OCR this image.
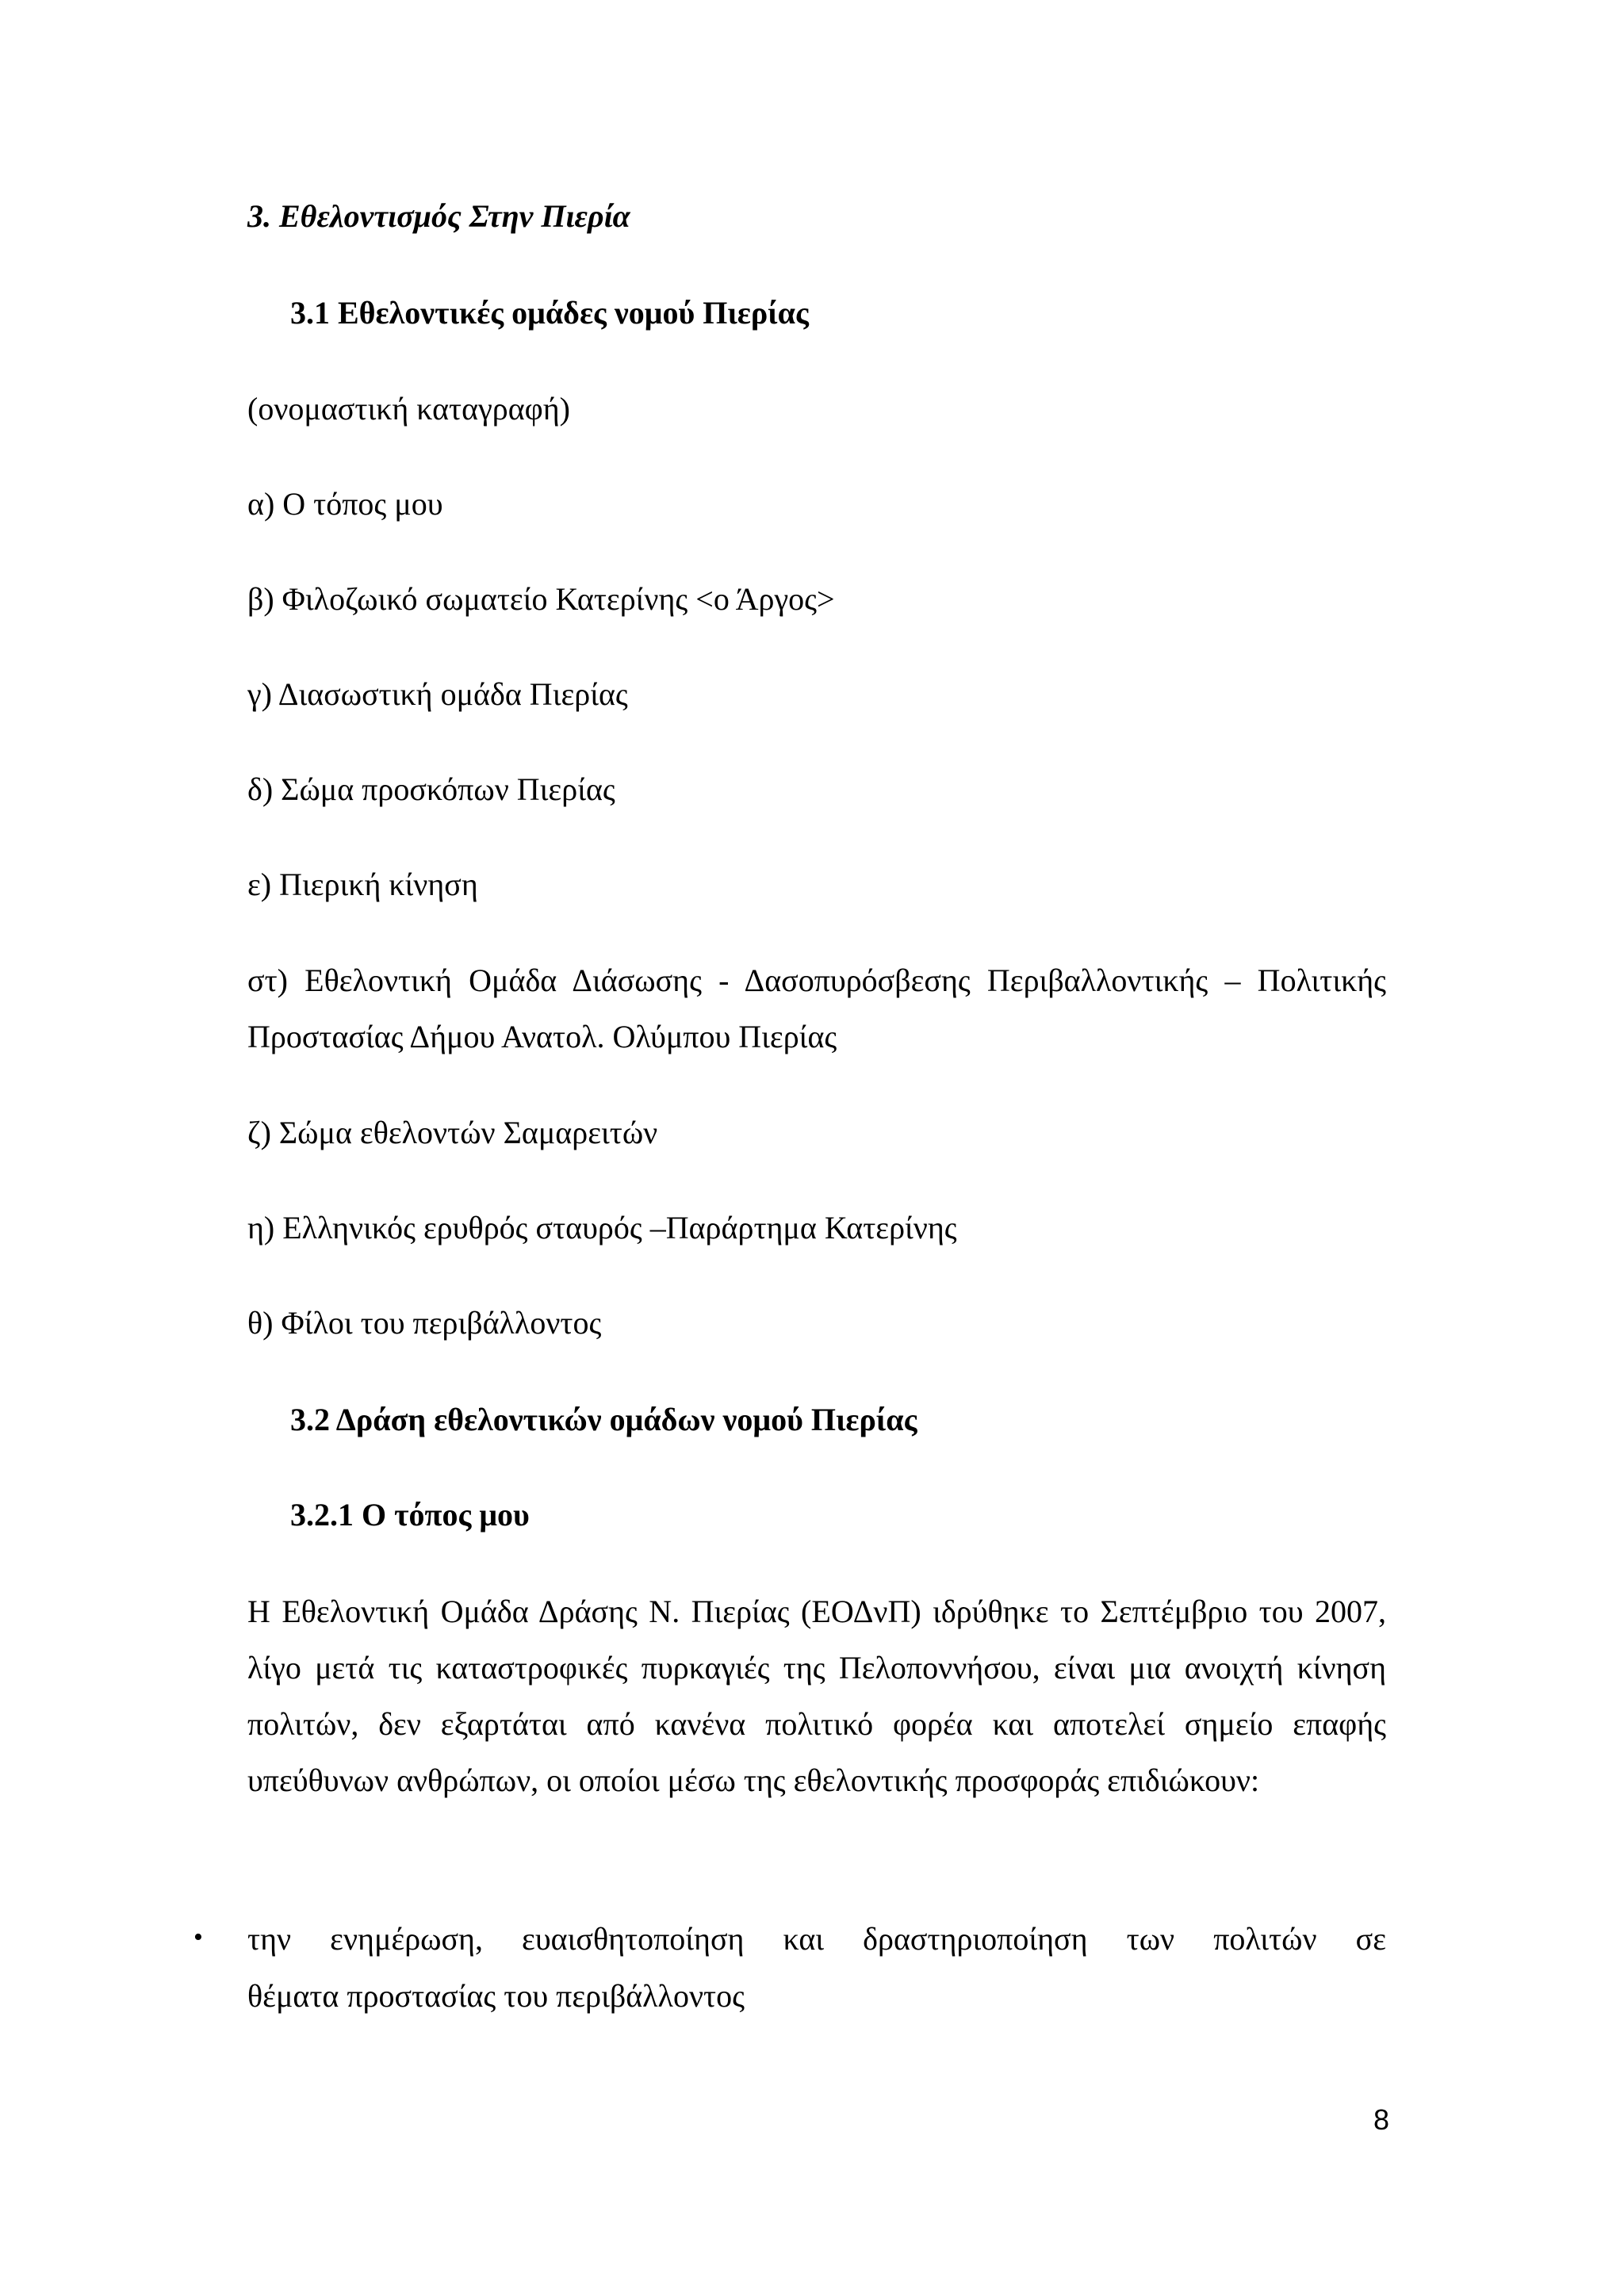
3. Εθελοντισμός Στην Πιερία
3.1 Εθελοντικές ομάδες νομού Πιερίας
(ονομαστική καταγραφή)
α) Ο τόπος μου
β) Φιλοζωικό σωματείο Κατερίνης <ο Άργος>
γ) Διασωστική ομάδα Πιερίας
δ) Σώμα προσκόπων Πιερίας
ε) Πιερική κίνηση
στ) Εθελοντική Ομάδα Διάσωσης - Δασοπυρόσβεσης Περιβαλλοντικής – Πολιτικής
Προστασίας Δήμου Ανατολ. Ολύμπου Πιερίας
ζ) Σώμα εθελοντών Σαμαρειτών
η) Ελληνικός ερυθρός σταυρός –Παράρτημα Κατερίνης
θ) Φίλοι του περιβάλλοντος
3.2 Δράση εθελοντικών ομάδων νομού Πιερίας
3.2.1 Ο τόπος μου
Η Εθελοντική Ομάδα Δράσης Ν. Πιερίας (ΕΟΔνΠ) ιδρύθηκε το Σεπτέμβριο του 2007, λίγο μετά τις καταστροφικές πυρκαγιές της Πελοποννήσου, είναι μια ανοιχτή κίνηση πολιτών, δεν εξαρτάται από κανένα πολιτικό φορέα και αποτελεί σημείο επαφής υπεύθυνων ανθρώπων, οι οποίοι μέσω της εθελοντικής προσφοράς επιδιώκουν:
• την ενημέρωση, ευαισθητοποίηση και δραστηριοποίηση των πολιτών σε
θέματα προστασίας του περιβάλλοντος
8
